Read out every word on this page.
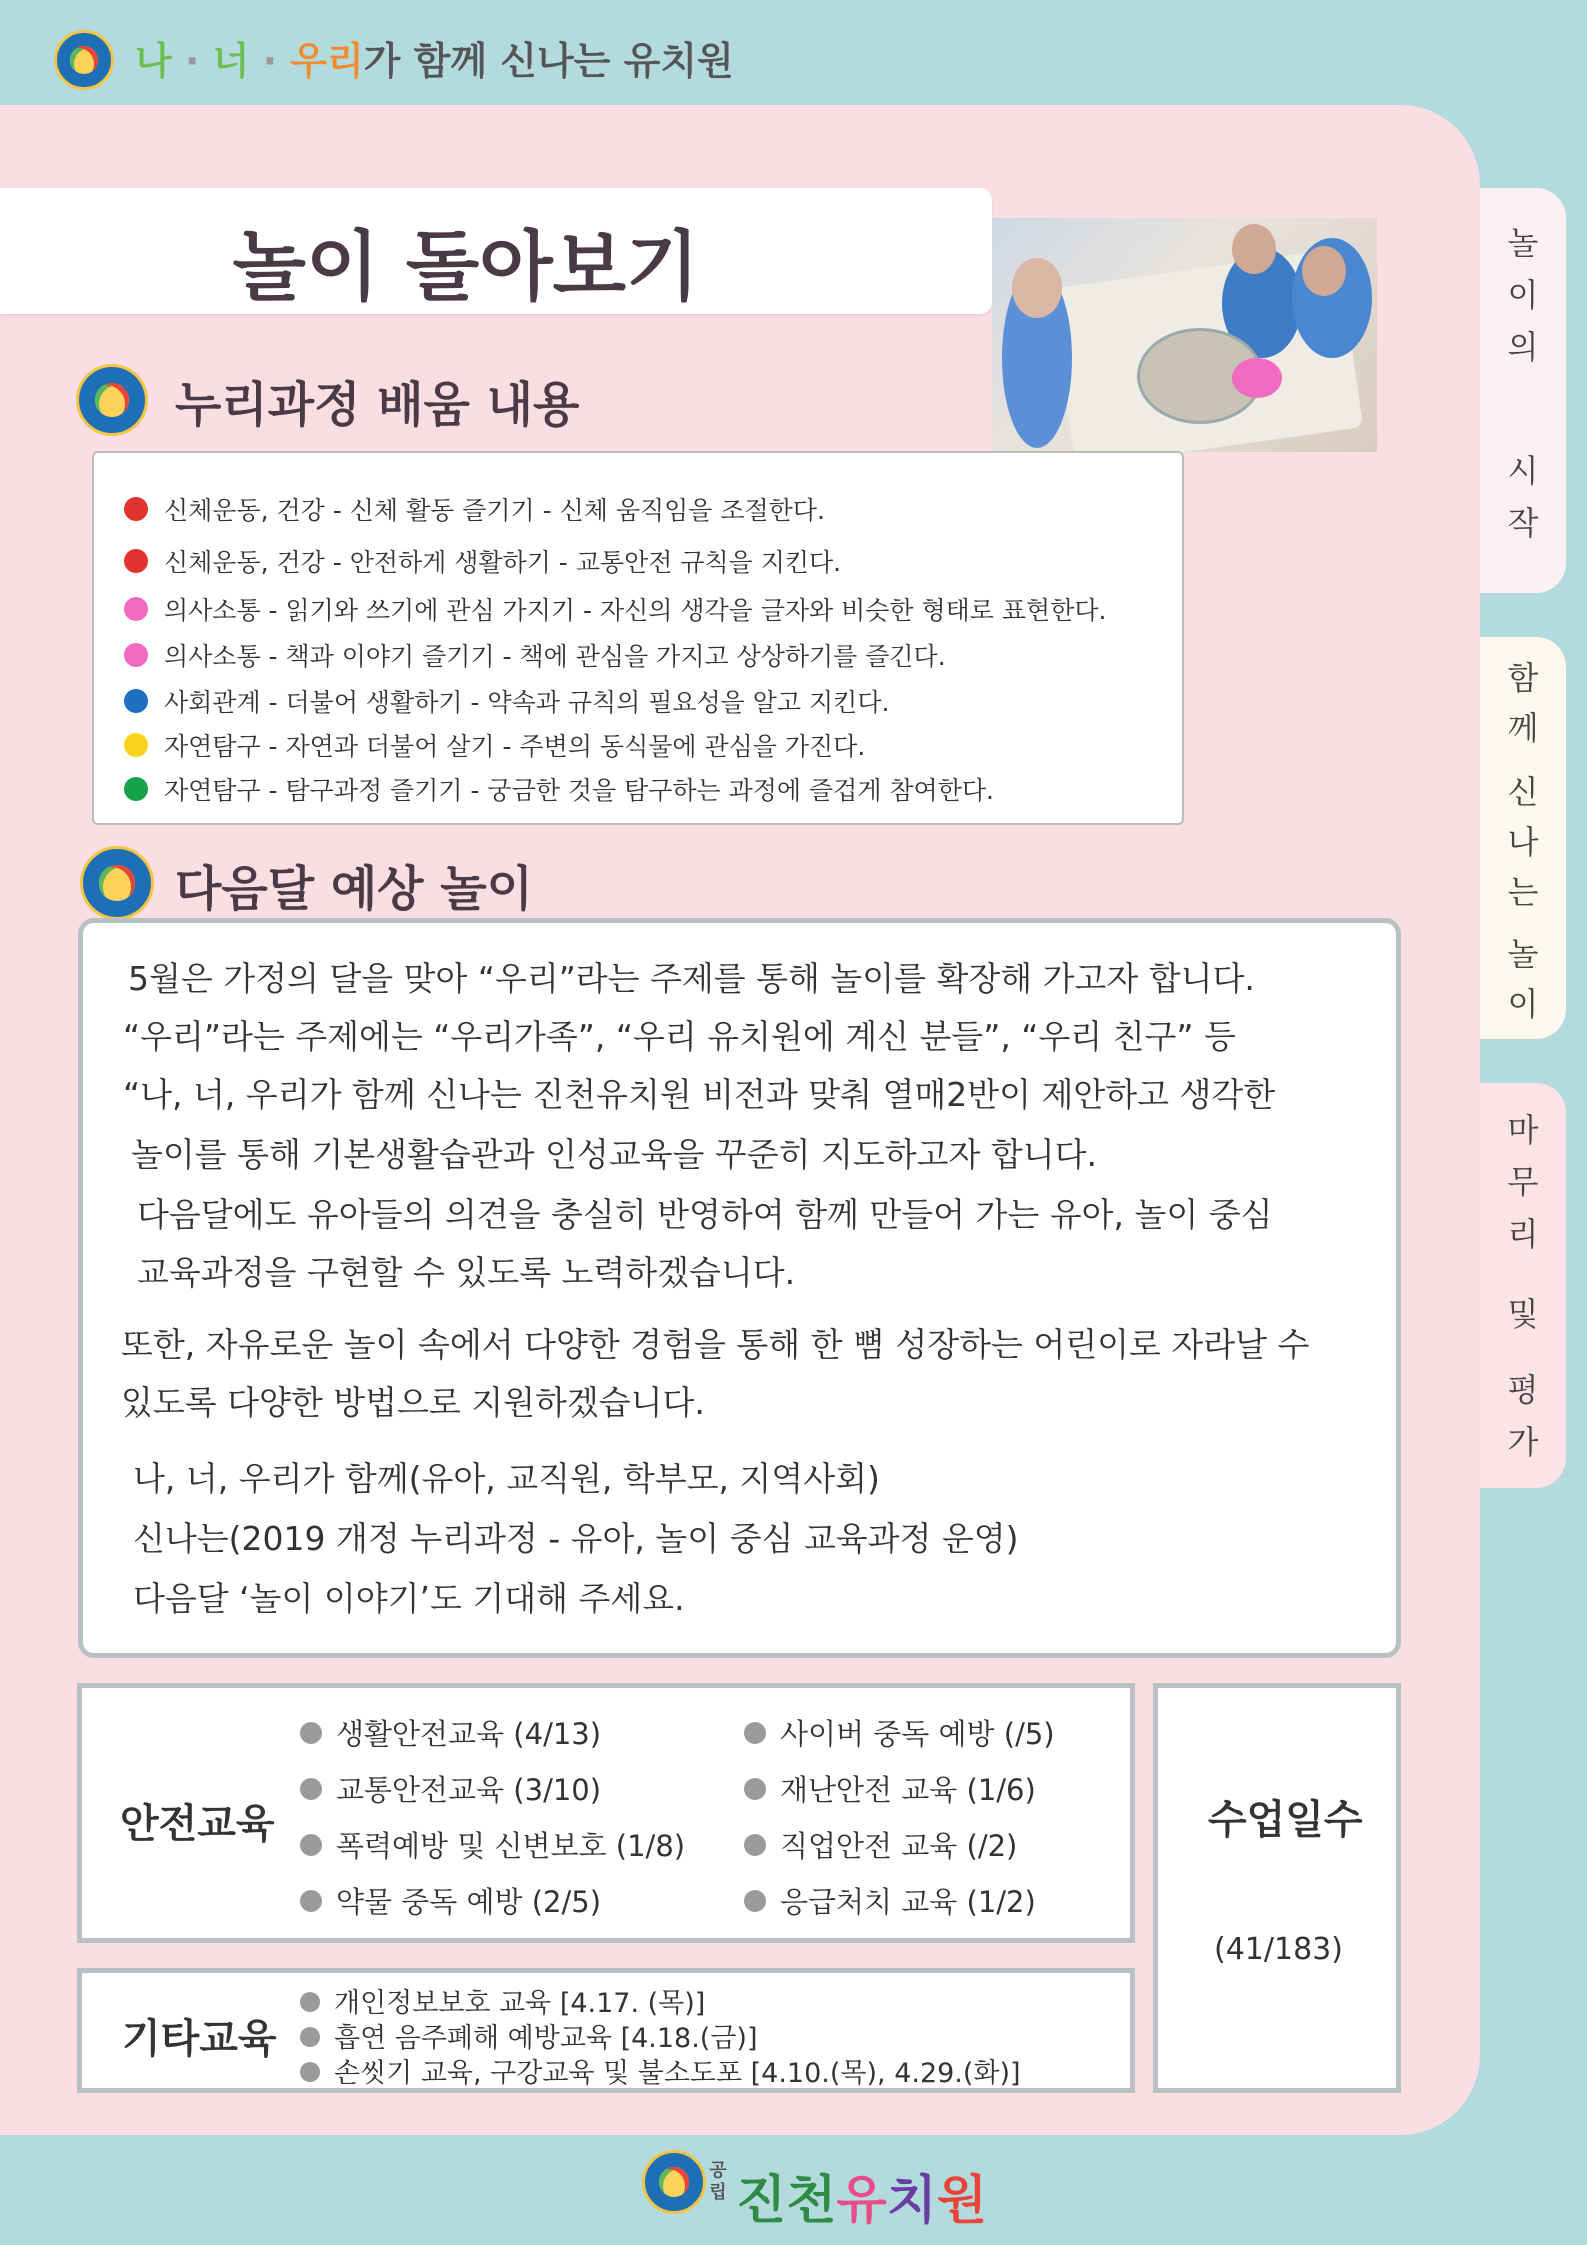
나 · 너 · 우리가 함께 신나는 유치원
놀이 돌아보기
누리과정 배움 내용
신체운동, 건강 - 신체 활동 즐기기 - 신체 움직임을 조절한다.
신체운동, 건강 - 안전하게 생활하기 - 교통안전 규칙을 지킨다.
의사소통 - 읽기와 쓰기에 관심 가지기 - 자신의 생각을 글자와 비슷한 형태로 표현한다.
의사소통 - 책과 이야기 즐기기 - 책에 관심을 가지고 상상하기를 즐긴다.
사회관계 - 더불어 생활하기 - 약속과 규칙의 필요성을 알고 지킨다.
자연탐구 - 자연과 더불어 살기 - 주변의 동식물에 관심을 가진다.
자연탐구 - 탐구과정 즐기기 - 궁금한 것을 탐구하는 과정에 즐겁게 참여한다.
다음달 예상 놀이
5월은 가정의 달을 맞아 “우리”라는 주제를 통해 놀이를 확장해 가고자 합니다.
“우리”라는 주제에는 “우리가족”, “우리 유치원에 계신 분들”, “우리 친구” 등
“나, 너, 우리가 함께 신나는 진천유치원 비전과 맞춰 열매2반이 제안하고 생각한
놀이를 통해 기본생활습관과 인성교육을 꾸준히 지도하고자 합니다.
다음달에도 유아들의 의견을 충실히 반영하여 함께 만들어 가는 유아, 놀이 중심
교육과정을 구현할 수 있도록 노력하겠습니다.
또한, 자유로운 놀이 속에서 다양한 경험을 통해 한 뼘 성장하는 어린이로 자라날 수
있도록 다양한 방법으로 지원하겠습니다.
나, 너, 우리가 함께(유아, 교직원, 학부모, 지역사회)
신나는(2019 개정 누리과정 - 유아, 놀이 중심 교육과정 운영)
다음달 ‘놀이 이야기’도 기대해 주세요.
안전교육
생활안전교육 (4/13)
교통안전교육 (3/10)
폭력예방 및 신변보호 (1/8)
약물 중독 예방 (2/5)
사이버 중독 예방 (/5)
재난안전 교육 (1/6)
직업안전 교육 (/2)
응급처치 교육 (1/2)
기타교육
개인정보보호 교육 [4.17. (목)]
흡연 음주폐해 예방교육 [4.18.(금)]
손씻기 교육, 구강교육 및 불소도포 [4.10.(목), 4.29.(화)]
수업일수
(41/183)
놀
이
의
시
작
함
께
신
나
는
놀
이
마
무
리
및
평
가
공
립 진천유치원
